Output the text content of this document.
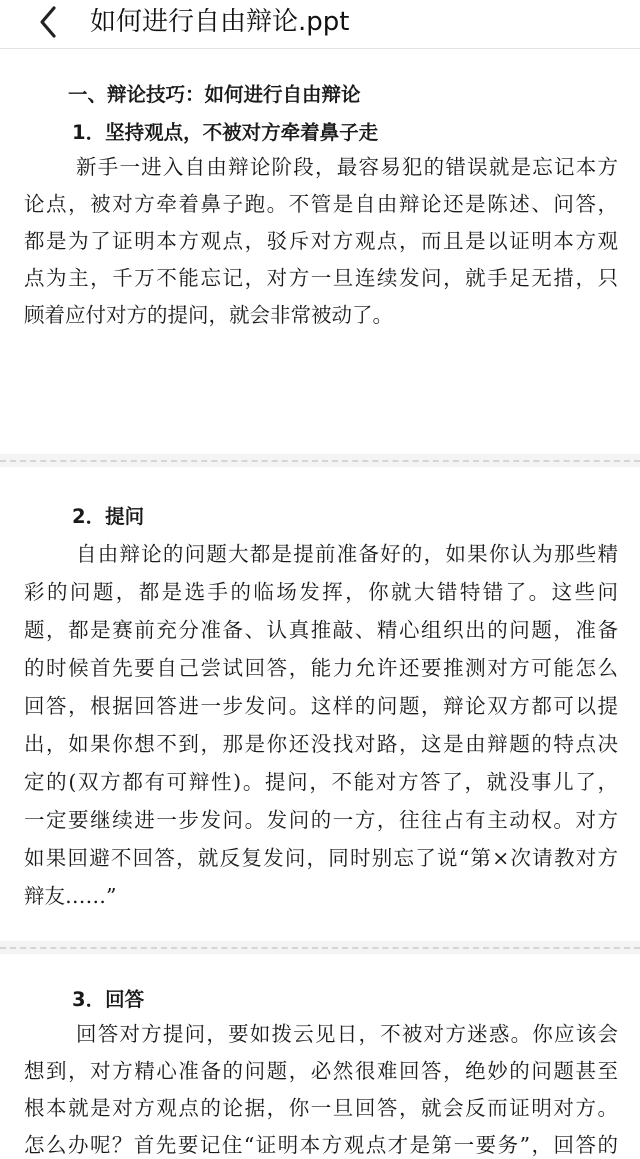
如何进行自由辩论.ppt
一、辩论技巧：如何进行自由辩论
1．坚持观点，不被对方牵着鼻子走
新手一进入自由辩论阶段，最容易犯的错误就是忘记本方
论点，被对方牵着鼻子跑。不管是自由辩论还是陈述、问答，
都是为了证明本方观点，驳斥对方观点，而且是以证明本方观
点为主，千万不能忘记，对方一旦连续发问，就手足无措，只
顾着应付对方的提问，就会非常被动了。
2．提问
自由辩论的问题大都是提前准备好的，如果你认为那些精
彩的问题，都是选手的临场发挥，你就大错特错了。这些问
题，都是赛前充分准备、认真推敲、精心组织出的问题，准备
的时候首先要自己尝试回答，能力允许还要推测对方可能怎么
回答，根据回答进一步发问。这样的问题，辩论双方都可以提
出，如果你想不到，那是你还没找对路，这是由辩题的特点决
定的(双方都有可辩性)。提问，不能对方答了，就没事儿了，
一定要继续进一步发问。发问的一方，往往占有主动权。对方
如果回避不回答，就反复发问，同时别忘了说“第×次请教对方
辩友……”
3．回答
回答对方提问，要如拨云见日，不被对方迷惑。你应该会
想到，对方精心准备的问题，必然很难回答，绝妙的问题甚至
根本就是对方观点的论据，你一旦回答，就会反而证明对方。
怎么办呢？首先要记住“证明本方观点才是第一要务”，回答的
